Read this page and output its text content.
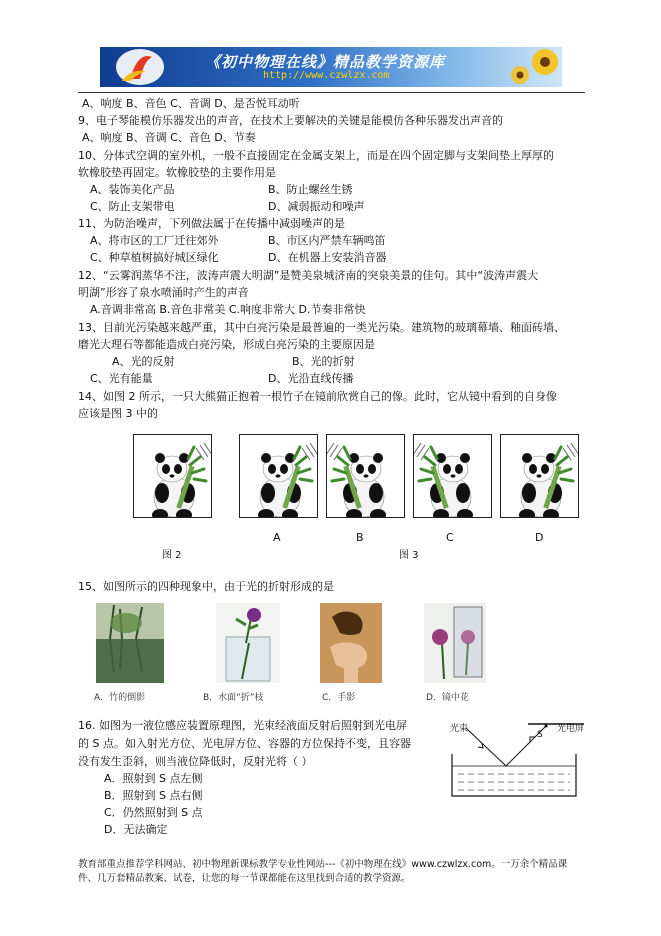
《初中物理在线》精品教学资源库
http://www.czwlzx.com
A、响度 B、音色 C、音调 D、是否悦耳动听
9、电子琴能模仿乐器发出的声音，在技术上要解决的关键是能模仿各种乐器发出声音的
A、响度 B、音调 C、音色 D、节奏
10、分体式空调的室外机，一般不直接固定在金属支架上，而是在四个固定脚与支架间垫上厚厚的
软橡胶垫再固定。软橡胶垫的主要作用是
A、装饰美化产品	B、防止螺丝生锈
C、防止支架带电	D、减弱振动和噪声
11、为防治噪声，下列做法属于在传播中减弱噪声的是
A、将市区的工厂迁往郊外	B、市区内严禁车辆鸣笛
C、种草植树搞好城区绿化	D、在机器上安装消音器
12、“云雾润蒸华不注，波涛声震大明湖”是赞美泉城济南的突泉美景的佳句。其中“波涛声震大
明湖”形容了泉水喷涌时产生的声音
A.音调非常高 B.音色非常美 C.响度非常大 D.节奏非常快
13、目前光污染越来越严重，其中白亮污染是最普遍的一类光污染。建筑物的玻璃幕墙、釉面砖墙、
磨光大理石等都能造成白亮污染，形成白亮污染的主要原因是
A、光的反射	B、光的折射
C、光有能量	D、光沿直线传播
14、如图 2 所示，一只大熊猫正抱着一根竹子在镜前欣赏自己的像。此时，它从镜中看到的自身像
应该是图 3 中的
图 2
A	B	C	D
图 3
15、如图所示的四种现象中，由于光的折射形成的是
A．竹的倒影	B．水面“折”枝	C．手影	D．镜中花
16. 如图为一液位感应装置原理图，光束经液面反射后照射到光电屏
的 S 点。如入射光方位、光电屏方位、容器的方位保持不变，且容器
没有发生歪斜，则当液位降低时，反射光将（ ）
A．照射到 S 点左侧
B．照射到 S 点右侧
C．仍然照射到 S 点
D．无法确定
光束	光电屏
S
教育部重点推荐学科网站、初中物理新课标教学专业性网站---《初中物理在线》www.czwlzx.com。一万余个精品课
件、几万套精品教案、试卷，让您的每一节课都能在这里找到合适的教学资源。
